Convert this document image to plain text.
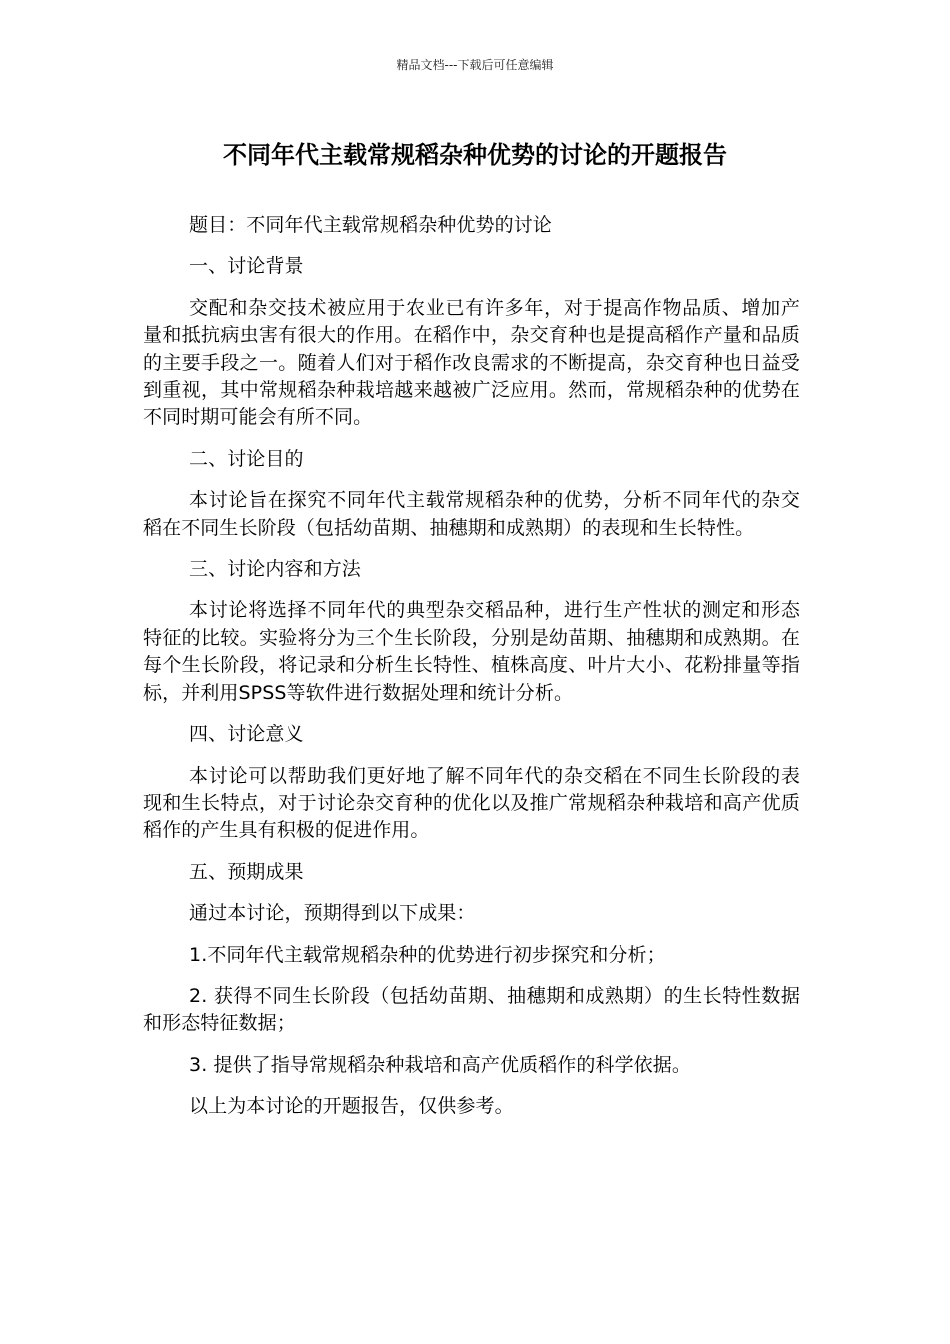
精品文档---下载后可任意编辑
不同年代主载常规稻杂种优势的讨论的开题报告

题目：不同年代主载常规稻杂种优势的讨论

一、讨论背景

交配和杂交技术被应用于农业已有许多年，对于提高作物品质、增加产量和抵抗病虫害有很大的作用。在稻作中，杂交育种也是提高稻作产量和品质的主要手段之一。随着人们对于稻作改良需求的不断提高，杂交育种也日益受到重视，其中常规稻杂种栽培越来越被广泛应用。然而，常规稻杂种的优势在不同时期可能会有所不同。

二、讨论目的

本讨论旨在探究不同年代主载常规稻杂种的优势，分析不同年代的杂交稻在不同生长阶段（包括幼苗期、抽穗期和成熟期）的表现和生长特性。

三、讨论内容和方法

本讨论将选择不同年代的典型杂交稻品种，进行生产性状的测定和形态特征的比较。实验将分为三个生长阶段，分别是幼苗期、抽穗期和成熟期。在每个生长阶段，将记录和分析生长特性、植株高度、叶片大小、花粉排量等指标，并利用SPSS等软件进行数据处理和统计分析。

四、讨论意义

本讨论可以帮助我们更好地了解不同年代的杂交稻在不同生长阶段的表现和生长特点，对于讨论杂交育种的优化以及推广常规稻杂种栽培和高产优质稻作的产生具有积极的促进作用。

五、预期成果

通过本讨论，预期得到以下成果：

1.不同年代主载常规稻杂种的优势进行初步探究和分析；

2. 获得不同生长阶段（包括幼苗期、抽穗期和成熟期）的生长特性数据和形态特征数据；

3. 提供了指导常规稻杂种栽培和高产优质稻作的科学依据。

以上为本讨论的开题报告，仅供参考。
